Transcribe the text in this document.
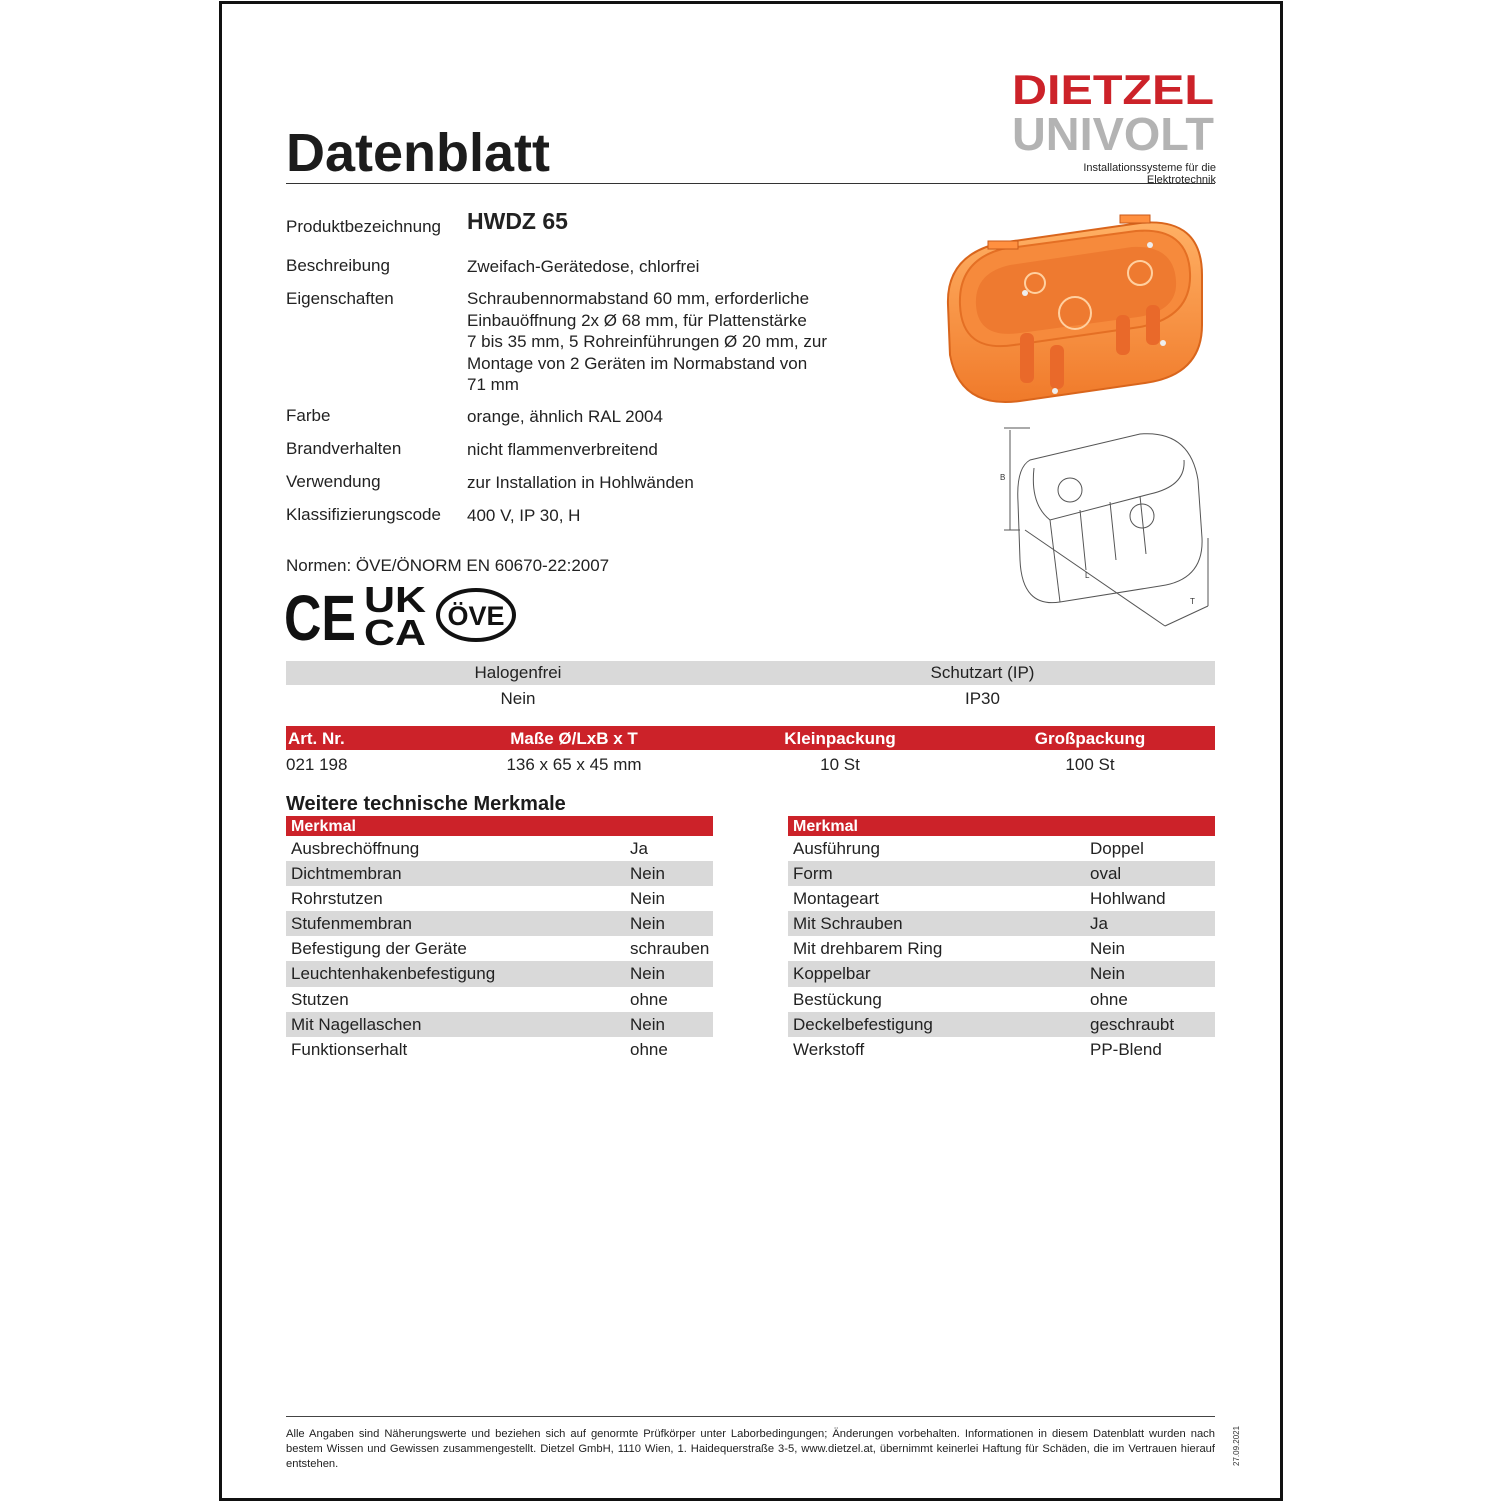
Datenblatt
DIETZEL
UNIVOLT
Installationssysteme für die Elektrotechnik
Produktbezeichnung HWDZ 65
Beschreibung	Zweifach-Gerätedose, chlorfrei
Eigenschaften	Schraubennormabstand 60 mm, erforderliche
Einbauöffnung 2x Ø 68 mm, für Plattenstärke
7 bis 35 mm, 5 Rohreinführungen Ø 20 mm, zur
Montage von 2 Geräten im Normabstand von
71 mm
Farbe	orange, ähnlich RAL 2004
Brandverhalten	nicht flammenverbreitend
Verwendung	zur Installation in Hohlwänden
Klassifizierungscode 400 V, IP 30, H
B
L
T
Normen: ÖVE/ÖNORM EN 60670-22:2007
CE UK
CA ÖVE
Halogenfrei	Schutzart (IP)
Nein	IP30
Art. Nr.	Maße Ø/LxB x T	Kleinpackung	Großpackung
021 198	136 x 65 x 45 mm	10 St	100 St
Weitere technische Merkmale
Merkmal
Ausbrechöffnung	Ja
Dichtmembran	Nein
Rohrstutzen	Nein
Stufenmembran	Nein
Befestigung der Geräte	schrauben
Leuchtenhakenbefestigung	Nein
Stutzen	ohne
Mit Nagellaschen	Nein
Funktionserhalt	ohne
Merkmal
Ausführung	Doppel
Form	oval
Montageart	Hohlwand
Mit Schrauben	Ja
Mit drehbarem Ring	Nein
Koppelbar	Nein
Bestückung	ohne
Deckelbefestigung	geschraubt
Werkstoff	PP-Blend
Alle Angaben sind Näherungswerte und beziehen sich auf genormte Prüfkörper unter Laborbedingungen; Änderungen vorbehalten. Informationen in diesem Datenblatt wurden nach bestem Wissen und Gewissen zusammengestellt. Dietzel GmbH, 1110 Wien, 1. Haidequerstraße 3-5, www.dietzel.at, übernimmt keinerlei Haftung für Schäden, die im Vertrauen hierauf entstehen.	27.09.2021
